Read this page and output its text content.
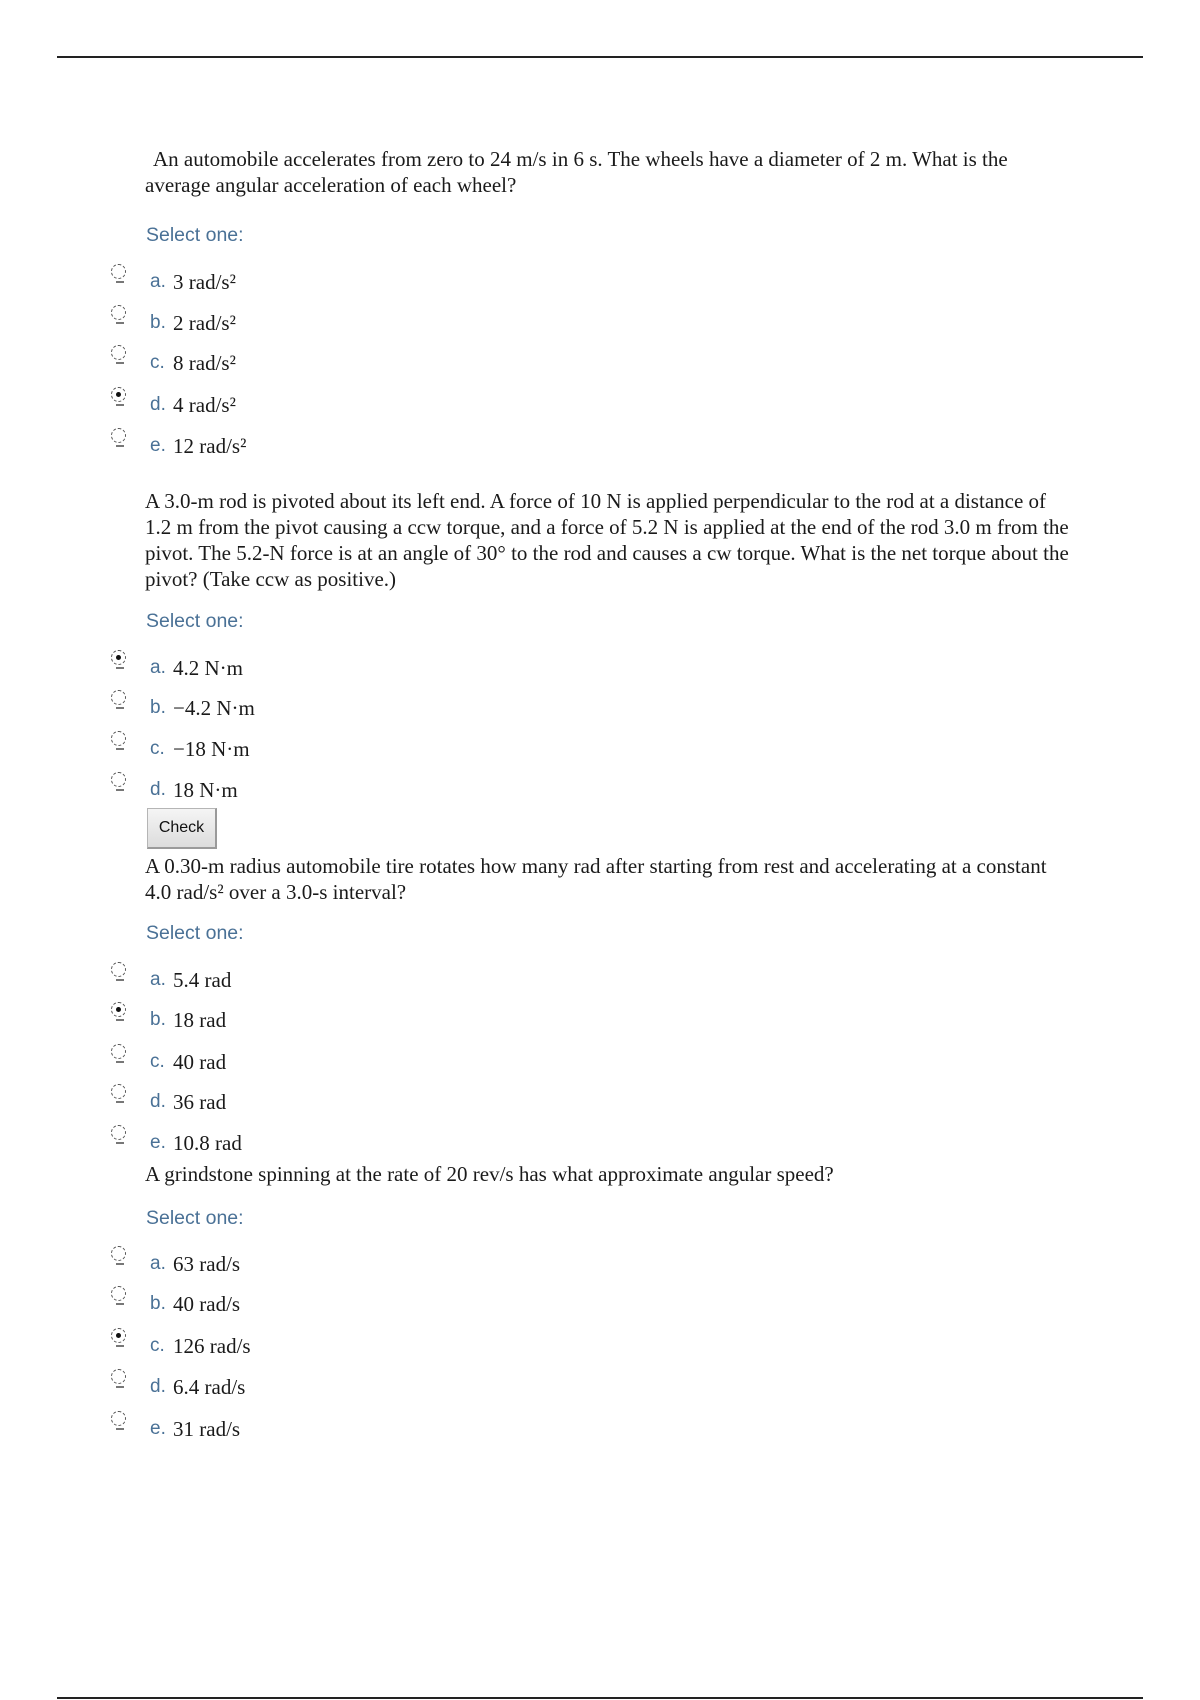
An automobile accelerates from zero to 24 m/s in 6 s. The wheels have a diameter of 2 m. What is the average angular acceleration of each wheel?

Select one:
a. 3 rad/s²
b. 2 rad/s²
c. 8 rad/s²
d. 4 rad/s²
e. 12 rad/s²

A 3.0-m rod is pivoted about its left end. A force of 10 N is applied perpendicular to the rod at a distance of 1.2 m from the pivot causing a ccw torque, and a force of 5.2 N is applied at the end of the rod 3.0 m from the pivot. The 5.2-N force is at an angle of 30° to the rod and causes a cw torque. What is the net torque about the pivot? (Take ccw as positive.)

Select one:
a. 4.2 N·m
b. −4.2 N·m
c. −18 N·m
d. 18 N·m
Check

A 0.30-m radius automobile tire rotates how many rad after starting from rest and accelerating at a constant 4.0 rad/s² over a 3.0-s interval?

Select one:
a. 5.4 rad
b. 18 rad
c. 40 rad
d. 36 rad
e. 10.8 rad

A grindstone spinning at the rate of 20 rev/s has what approximate angular speed?

Select one:
a. 63 rad/s
b. 40 rad/s
c. 126 rad/s
d. 6.4 rad/s
e. 31 rad/s
